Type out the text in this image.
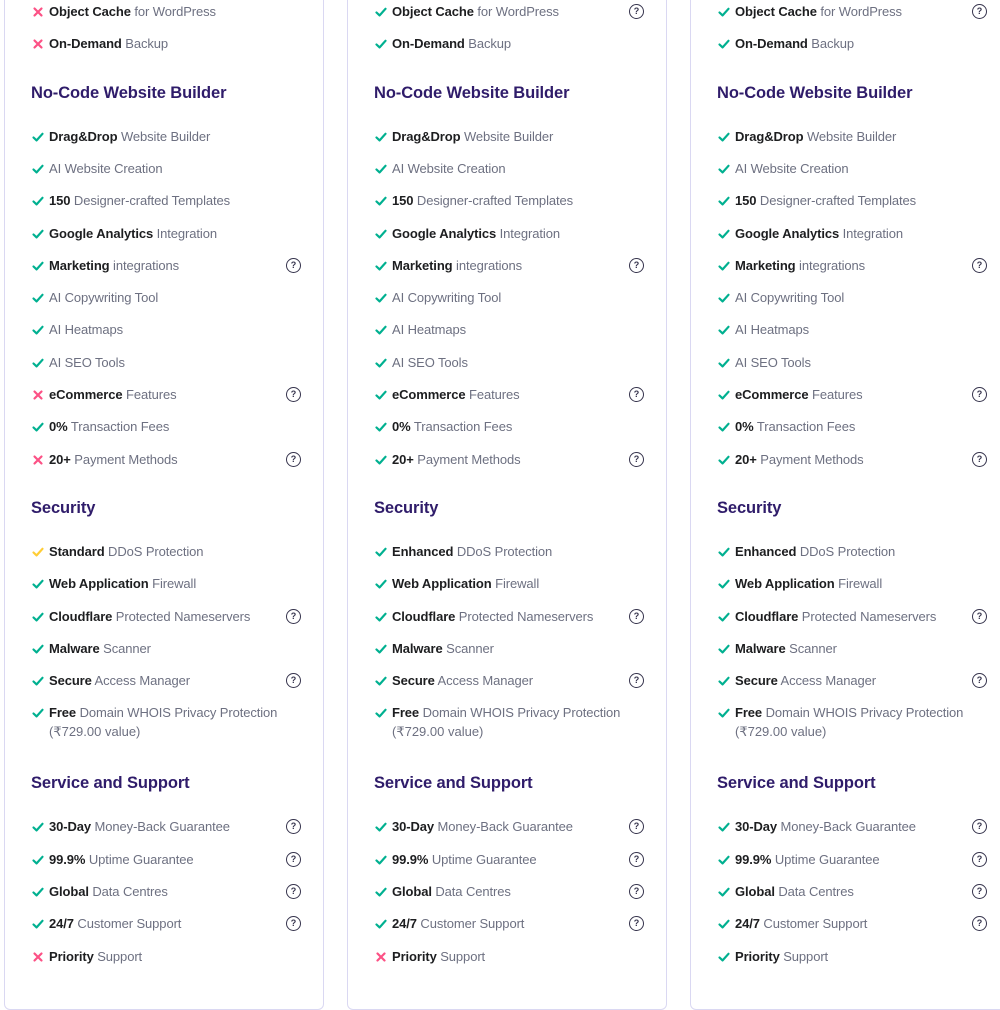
Object Cache for WordPress
On-Demand Backup
No-Code Website Builder
Drag&Drop Website Builder
AI Website Creation
150 Designer-crafted Templates
Google Analytics Integration
Marketing integrations	?
AI Copywriting Tool
AI Heatmaps
AI SEO Tools
eCommerce Features	?
0% Transaction Fees
20+ Payment Methods	?
Security
Standard DDoS Protection
Web Application Firewall
Cloudflare Protected Nameservers	?
Malware Scanner
Secure Access Manager	?
Free Domain WHOIS Privacy Protection
(₹729.00 value)
Service and Support
30-Day Money-Back Guarantee	?
99.9% Uptime Guarantee	?
Global Data Centres	?
24/7 Customer Support	?
Priority Support
Object Cache for WordPress	?
On-Demand Backup
No-Code Website Builder
Drag&Drop Website Builder
AI Website Creation
150 Designer-crafted Templates
Google Analytics Integration
Marketing integrations	?
AI Copywriting Tool
AI Heatmaps
AI SEO Tools
eCommerce Features	?
0% Transaction Fees
20+ Payment Methods	?
Security
Enhanced DDoS Protection
Web Application Firewall
Cloudflare Protected Nameservers	?
Malware Scanner
Secure Access Manager	?
Free Domain WHOIS Privacy Protection
(₹729.00 value)
Service and Support
30-Day Money-Back Guarantee	?
99.9% Uptime Guarantee	?
Global Data Centres	?
24/7 Customer Support	?
Priority Support
Object Cache for WordPress	?
On-Demand Backup
No-Code Website Builder
Drag&Drop Website Builder
AI Website Creation
150 Designer-crafted Templates
Google Analytics Integration
Marketing integrations	?
AI Copywriting Tool
AI Heatmaps
AI SEO Tools
eCommerce Features	?
0% Transaction Fees
20+ Payment Methods	?
Security
Enhanced DDoS Protection
Web Application Firewall
Cloudflare Protected Nameservers	?
Malware Scanner
Secure Access Manager	?
Free Domain WHOIS Privacy Protection
(₹729.00 value)
Service and Support
30-Day Money-Back Guarantee	?
99.9% Uptime Guarantee	?
Global Data Centres	?
24/7 Customer Support	?
Priority Support
